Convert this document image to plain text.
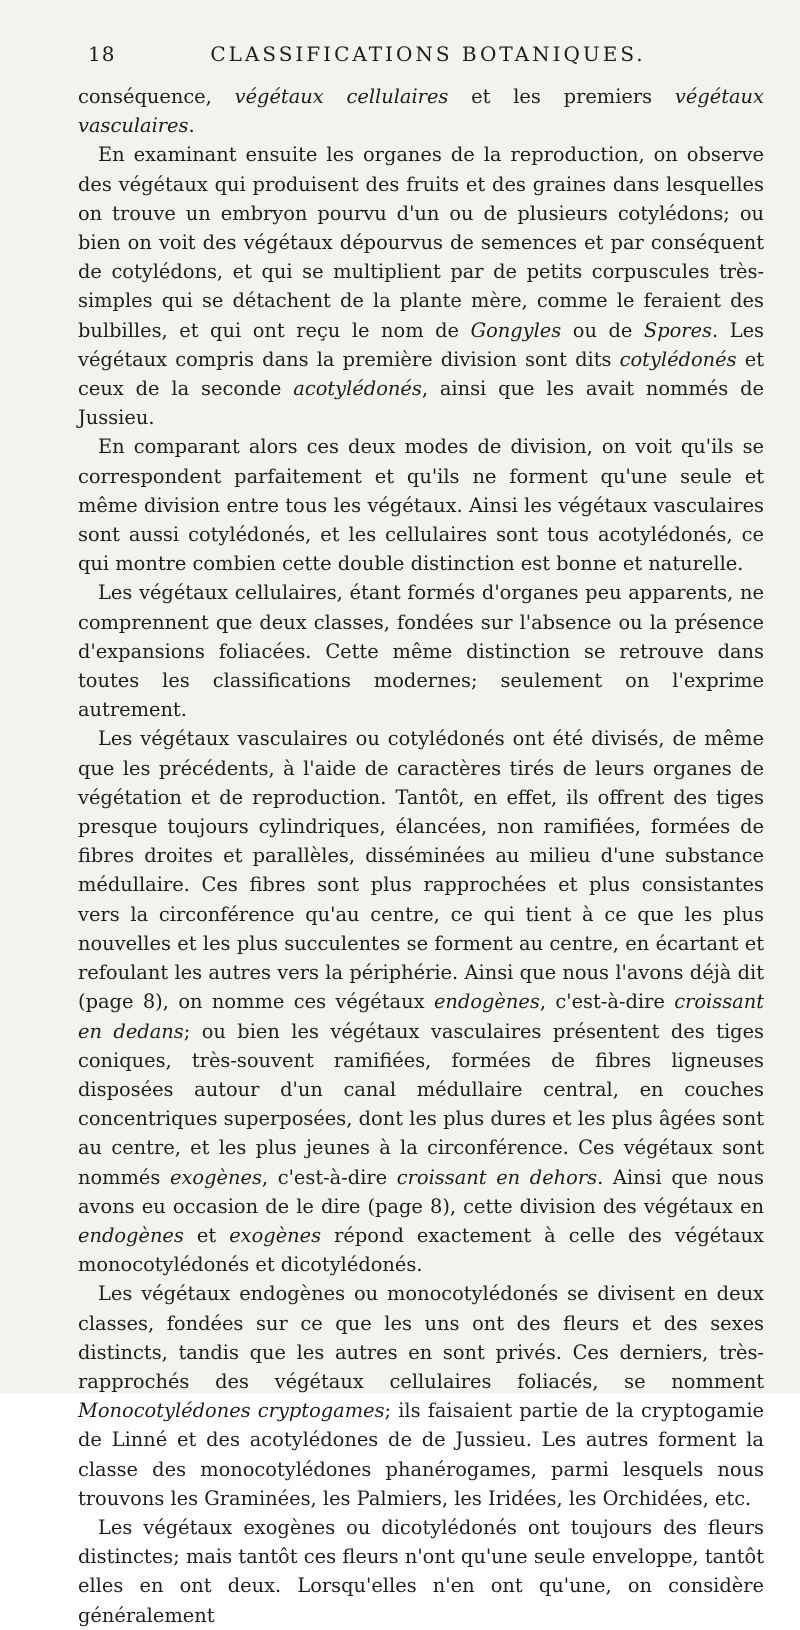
18	CLASSIFICATIONS BOTANIQUES.

conséquence, végétaux cellulaires et les premiers végétaux vasculaires.

En examinant ensuite les organes de la reproduction, on observe des végétaux qui produisent des fruits et des graines dans lesquelles on trouve un embryon pourvu d'un ou de plusieurs cotylédons; ou bien on voit des végétaux dépourvus de semences et par conséquent de cotylédons, et qui se multiplient par de petits corpuscules très-simples qui se détachent de la plante mère, comme le feraient des bulbilles, et qui ont reçu le nom de Gongyles ou de Spores. Les végétaux compris dans la première division sont dits cotylédonés et ceux de la seconde acotylédonés, ainsi que les avait nommés de Jussieu.

En comparant alors ces deux modes de division, on voit qu'ils se correspondent parfaitement et qu'ils ne forment qu'une seule et même division entre tous les végétaux. Ainsi les végétaux vasculaires sont aussi cotylédonés, et les cellulaires sont tous acotylédonés, ce qui montre combien cette double distinction est bonne et naturelle.

Les végétaux cellulaires, étant formés d'organes peu apparents, ne comprennent que deux classes, fondées sur l'absence ou la présence d'expansions foliacées. Cette même distinction se retrouve dans toutes les classifications modernes; seulement on l'exprime autrement.

Les végétaux vasculaires ou cotylédonés ont été divisés, de même que les précédents, à l'aide de caractères tirés de leurs organes de végétation et de reproduction. Tantôt, en effet, ils offrent des tiges presque toujours cylindriques, élancées, non ramifiées, formées de fibres droites et parallèles, disséminées au milieu d'une substance médullaire. Ces fibres sont plus rapprochées et plus consistantes vers la circonférence qu'au centre, ce qui tient à ce que les plus nouvelles et les plus succulentes se forment au centre, en écartant et refoulant les autres vers la périphérie. Ainsi que nous l'avons déjà dit (page 8), on nomme ces végétaux endogènes, c'est-à-dire croissant en dedans; ou bien les végétaux vasculaires présentent des tiges coniques, très-souvent ramifiées, formées de fibres ligneuses disposées autour d'un canal médullaire central, en couches concentriques superposées, dont les plus dures et les plus âgées sont au centre, et les plus jeunes à la circonférence. Ces végétaux sont nommés exogènes, c'est-à-dire croissant en dehors. Ainsi que nous avons eu occasion de le dire (page 8), cette division des végétaux en endogènes et exogènes répond exactement à celle des végétaux monocotylédonés et dicotylédonés.

Les végétaux endogènes ou monocotylédonés se divisent en deux classes, fondées sur ce que les uns ont des fleurs et des sexes distincts, tandis que les autres en sont privés. Ces derniers, très-rapprochés des végétaux cellulaires foliacés, se nomment Monocotylédones cryptogames; ils faisaient partie de la cryptogamie de Linné et des acotylédones de de Jussieu. Les autres forment la classe des monocotylédones phanérogames, parmi lesquels nous trouvons les Graminées, les Palmiers, les Iridées, les Orchidées, etc.

Les végétaux exogènes ou dicotylédonés ont toujours des fleurs distinctes; mais tantôt ces fleurs n'ont qu'une seule enveloppe, tantôt elles en ont deux. Lorsqu'elles n'en ont qu'une, on considère généralement
